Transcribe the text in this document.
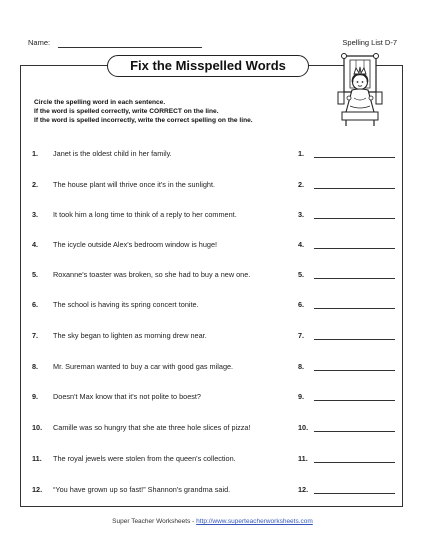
Name:	Spelling List D-7
Fix the Misspelled Words
Circle the spelling word in each sentence.
If the word is spelled correctly, write CORRECT on the line.
If the word is spelled incorrectly, write the correct spelling on the line.
1. Janet is the oldest child in her family.	1.
2. The house plant will thrive once it's in the sunlight.	2.
3. It took him a long time to think of a reply to her comment.	3.
4. The icycle outside Alex's bedroom window is huge!	4.
5. Roxanne's toaster was broken, so she had to buy a new one.	5.
6. The school is having its spring concert tonite.	6.
7. The sky began to lighten as morning drew near.	7.
8. Mr. Sureman wanted to buy a car with good gas milage.	8.
9. Doesn't Max know that it's not polite to boest?	9.
10. Camille was so hungry that she ate three hole slices of pizza!	10.
11. The royal jewels were stolen from the queen's collection.	11.
12. “You have grown up so fast!” Shannon's grandma said.	12.
Super Teacher Worksheets - http://www.superteacherworksheets.com
